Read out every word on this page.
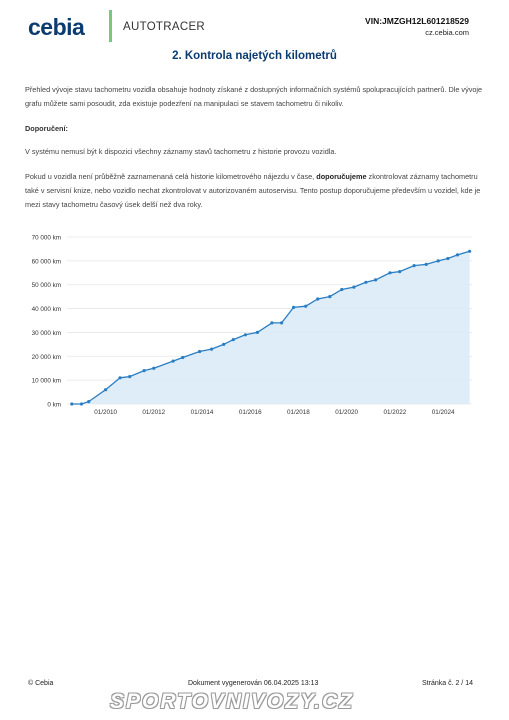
cebia	AUTOTRACER	VIN:JMZGH12L601218529
cz.cebia.com
2. Kontrola najetých kilometrů

Přehled vývoje stavu tachometru vozidla obsahuje hodnoty získané z dostupných informačních systémů spolupracujících partnerů. Dle vývoje grafu můžete sami posoudit, zda existuje podezření na manipulaci se stavem tachometru či nikoliv.

Doporučení:

V systému nemusí být k dispozici všechny záznamy stavů tachometru z historie provozu vozidla.

Pokud u vozidla není průběžně zaznamenaná celá historie kilometrového nájezdu v čase, doporučujeme zkontrolovat záznamy tachometru také v servisní knize, nebo vozidlo nechat zkontrolovat v autorizovaném autoservisu. Tento postup doporučujeme především u vozidel, kde je mezi stavy tachometru časový úsek delší než dva roky.

0 km
10 000 km
20 000 km
30 000 km
40 000 km
50 000 km
60 000 km
70 000 km
01/2010	01/2012	01/2014	01/2016	01/2018	01/2020	01/2022	01/2024
© Cebia	Dokument vygenerován 06.04.2025 13:13	Stránka č. 2 / 14
SPORTOVNIVOZY.CZ
